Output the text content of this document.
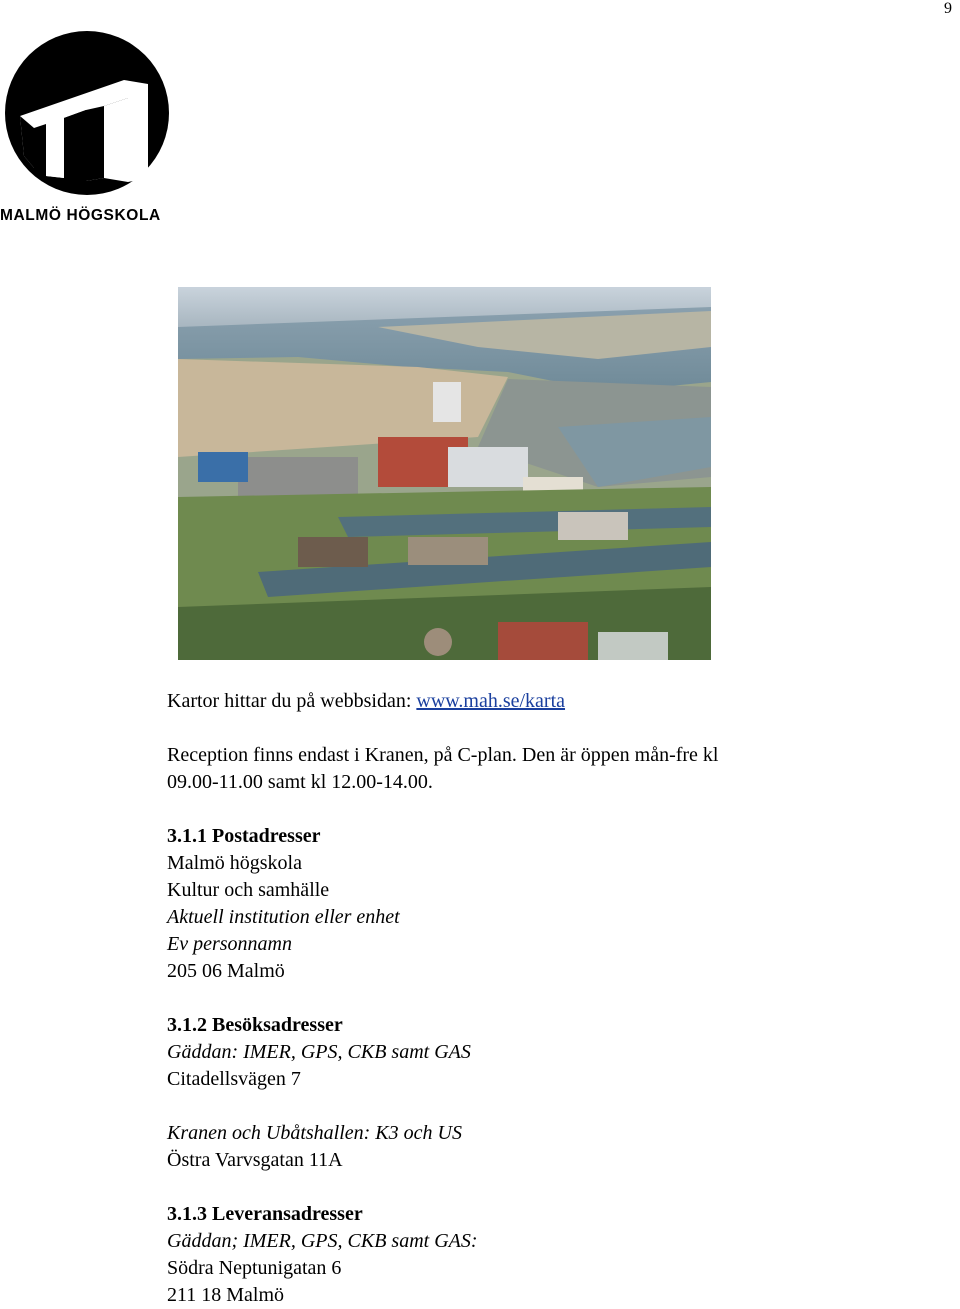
9
MALMÖ HÖGSKOLA
Kartor hittar du på webbsidan: www.mah.se/karta
Reception finns endast i Kranen, på C-plan. Den är öppen mån-fre kl
09.00-11.00 samt kl 12.00-14.00.
3.1.1 Postadresser
Malmö högskola
Kultur och samhälle
Aktuell institution eller enhet
Ev personnamn
205 06 Malmö
3.1.2 Besöksadresser
Gäddan: IMER, GPS, CKB samt GAS
Citadellsvägen 7
Kranen och Ubåtshallen: K3 och US
Östra Varvsgatan 11A
3.1.3 Leveransadresser
Gäddan; IMER, GPS, CKB samt GAS:
Södra Neptunigatan 6
211 18 Malmö
